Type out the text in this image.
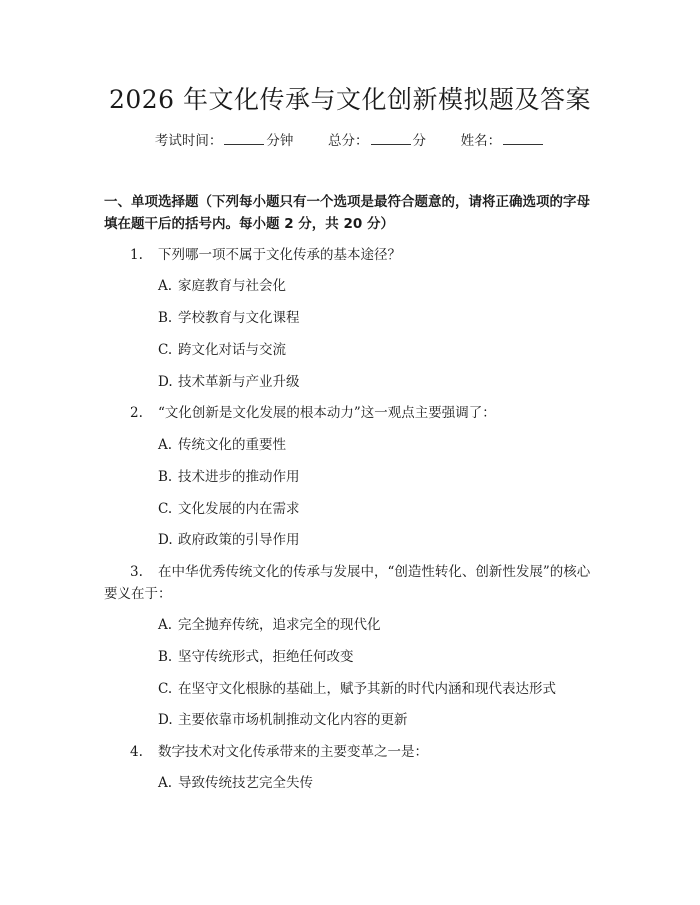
2026 年文化传承与文化创新模拟题及答案
考试时间：	分钟	总分：	分	姓名：
一、单项选择题（下列每小题只有一个选项是最符合题意的，请将正确选项的字母填在题干后的括号内。每小题 2 分，共 20 分）
1. 下列哪一项不属于文化传承的基本途径？
A. 家庭教育与社会化
B. 学校教育与文化课程
C. 跨文化对话与交流
D. 技术革新与产业升级
2. “文化创新是文化发展的根本动力”这一观点主要强调了：
A. 传统文化的重要性
B. 技术进步的推动作用
C. 文化发展的内在需求
D. 政府政策的引导作用
3. 在中华优秀传统文化的传承与发展中，“创造性转化、创新性发展”的核心要义在于：
A. 完全抛弃传统，追求完全的现代化
B. 坚守传统形式，拒绝任何改变
C. 在坚守文化根脉的基础上，赋予其新的时代内涵和现代表达形式
D. 主要依靠市场机制推动文化内容的更新
4. 数字技术对文化传承带来的主要变革之一是：
A. 导致传统技艺完全失传
